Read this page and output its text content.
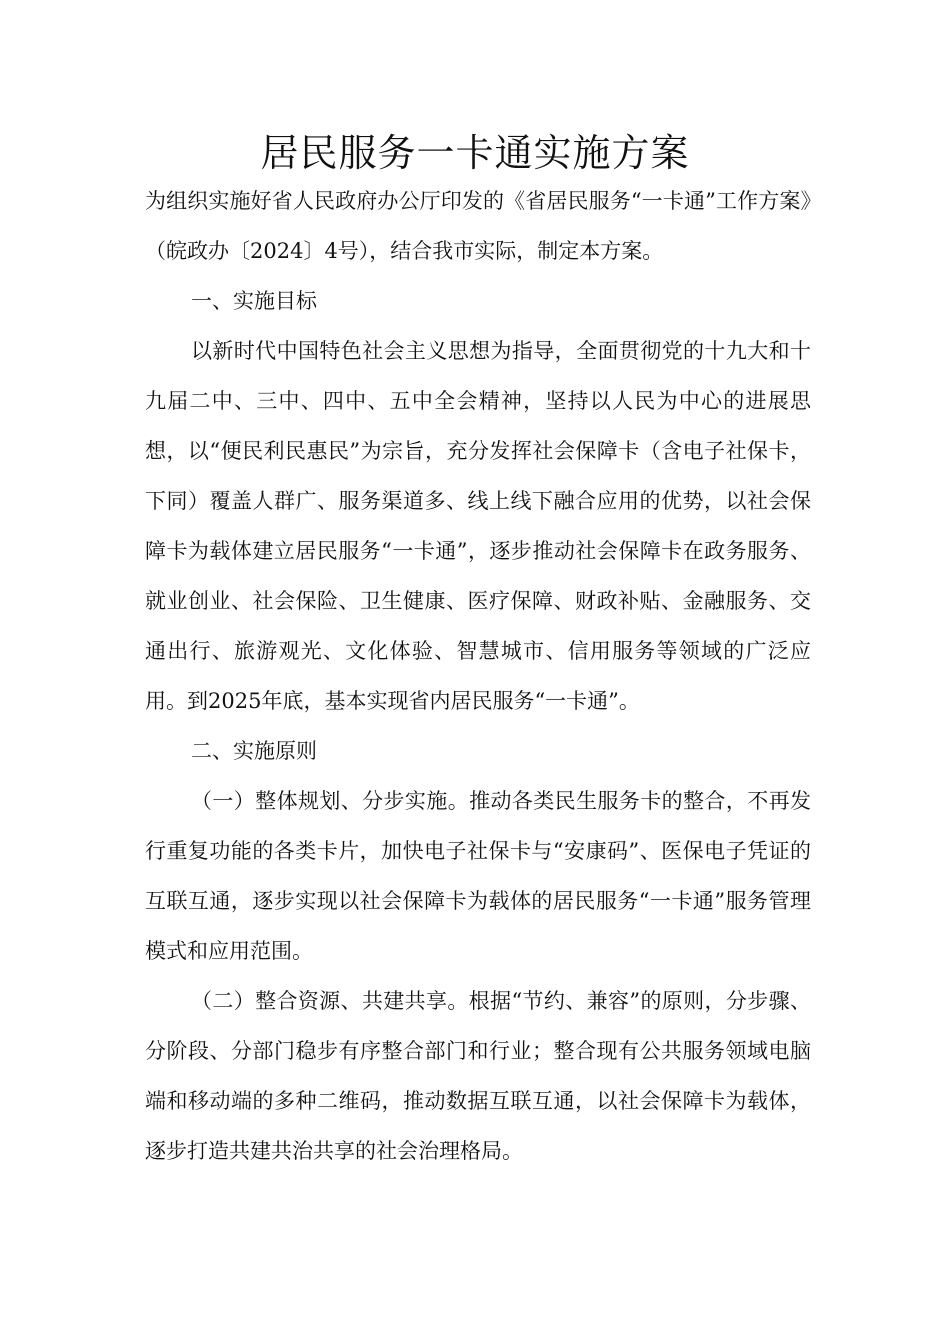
居民服务一卡通实施方案

为组织实施好省人民政府办公厅印发的《省居民服务“一卡通”工作方案》（皖政办〔2024〕4号），结合我市实际，制定本方案。

一、实施目标

以新时代中国特色社会主义思想为指导，全面贯彻党的十九大和十九届二中、三中、四中、五中全会精神，坚持以人民为中心的进展思想，以“便民利民惠民”为宗旨，充分发挥社会保障卡（含电子社保卡，下同）覆盖人群广、服务渠道多、线上线下融合应用的优势，以社会保障卡为载体建立居民服务“一卡通”，逐步推动社会保障卡在政务服务、就业创业、社会保险、卫生健康、医疗保障、财政补贴、金融服务、交通出行、旅游观光、文化体验、智慧城市、信用服务等领域的广泛应用。到2025年底，基本实现省内居民服务“一卡通”。

二、实施原则

（一）整体规划、分步实施。推动各类民生服务卡的整合，不再发行重复功能的各类卡片，加快电子社保卡与“安康码”、医保电子凭证的互联互通，逐步实现以社会保障卡为载体的居民服务“一卡通”服务管理模式和应用范围。

（二）整合资源、共建共享。根据“节约、兼容”的原则，分步骤、分阶段、分部门稳步有序整合部门和行业；整合现有公共服务领域电脑端和移动端的多种二维码，推动数据互联互通，以社会保障卡为载体，逐步打造共建共治共享的社会治理格局。
